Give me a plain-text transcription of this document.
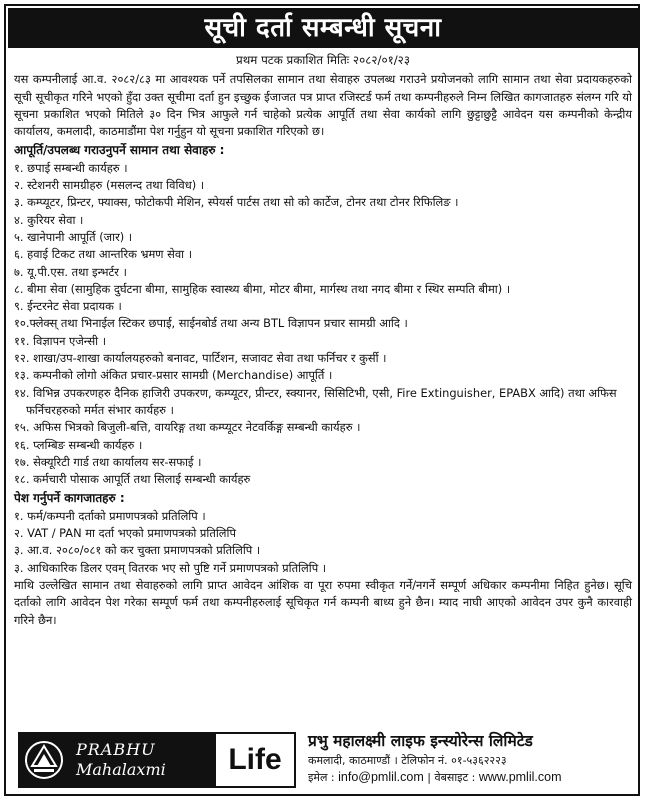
सूची दर्ता सम्बन्धी सूचना
प्रथम पटक प्रकाशित मितिः २०८२/०१/२३
यस कम्पनीलाई आ.व. २०८२/८३ मा आवश्यक पर्ने तपसिलका सामान तथा सेवाहरु उपलब्ध गराउने प्रयोजनको लागि सामान तथा सेवा प्रदायकहरुको सूची सूचीकृत गरिने भएको हुँदा उक्त सूचीमा दर्ता हुन इच्छुक ईजाजत पत्र प्राप्त रजिस्टर्ड फर्म तथा कम्पनीहरुले निम्न लिखित कागजातहरु संलग्न गरि यो सूचना प्रकाशित भएको मितिले ३० दिन भित्र आफुले गर्न चाहेको प्रत्येक आपूर्ति तथा सेवा कार्यको लागि छुट्टाछुट्टै आवेदन यस कम्पनीको केन्द्रीय कार्यालय, कमलादी, काठमाडौंमा पेश गर्नुहुन यो सूचना प्रकाशित गरिएको छ।
आपूर्ति/उपलब्ध गराउनुपर्ने सामान तथा सेवाहरु :
१. छपाई सम्बन्धी कार्यहरु ।
२. स्टेशनरी सामग्रीहरु (मसलन्द तथा विविध) ।
३. कम्प्यूटर, प्रिन्टर, फ्याक्स, फोटोकपी मेशिन, स्पेयर्स पार्टस तथा सो को कार्टेज, टोनर तथा टोनर रिफिलिङ ।
४. कुरियर सेवा ।
५. खानेपानी आपूर्ति (जार) ।
६. हवाई टिकट तथा आन्तरिक भ्रमण सेवा ।
७. यू.पी.एस. तथा इन्भर्टर ।
८. बीमा सेवा (सामुहिक दुर्घटना बीमा, सामुहिक स्वास्थ्य बीमा, मोटर बीमा, मार्गस्थ तथा नगद बीमा र स्थिर सम्पति बीमा) ।
९. ईन्टरनेट सेवा प्रदायक ।
१०.फ्लेक्स् तथा भिनाईल स्टिकर छपाई, साईनबोर्ड तथा अन्य BTL विज्ञापन प्रचार सामग्री आदि ।
११. विज्ञापन एजेन्सी ।
१२. शाखा/उप-शाखा कार्यालयहरुको बनावट, पार्टिशन, सजावट सेवा तथा फर्निचर र कुर्सी ।
१३. कम्पनीको लोगो अंकित प्रचार-प्रसार सामग्री (Merchandise) आपूर्ति ।
१४. विभिन्न उपकरणहरु दैनिक हाजिरी उपकरण, कम्प्यूटर, प्रीन्टर, स्क्यानर, सिसिटिभी, एसी, Fire Extinguisher, EPABX आदि) तथा अफिस फर्निचरहरुको मर्मत संभार कार्यहरु ।
१५. अफिस भित्रको बिजुली-बत्ति, वायरिङ्ग तथा कम्प्यूटर नेटवर्किङ्ग सम्बन्धी कार्यहरु ।
१६. प्लम्बिङ सम्बन्धी कार्यहरु ।
१७. सेक्यूरिटी गार्ड तथा कार्यालय सर-सफाई ।
१८. कर्मचारी पोसाक आपूर्ति तथा सिलाई सम्बन्धी कार्यहरु
पेश गर्नुपर्ने कागजातहरु :
१. फर्म/कम्पनी दर्ताको प्रमाणपत्रको प्रतिलिपि ।
२. VAT / PAN मा दर्ता भएको प्रमाणपत्रको प्रतिलिपि
३. आ.व. २०८०/०८१ को कर चुक्ता प्रमाणपत्रको प्रतिलिपि ।
३. आधिकारिक डिलर एवम् वितरक भए सो पुष्टि गर्ने प्रमाणपत्रको प्रतिलिपि ।
माथि उल्लेखित सामान तथा सेवाहरुको लागि प्राप्त आवेदन आंशिक वा पूरा रुपमा स्वीकृत गर्ने/नगर्ने सम्पूर्ण अधिकार कम्पनीमा निहित हुनेछ। सूचि दर्ताको लागि आवेदन पेश गरेका सम्पूर्ण फर्म तथा कम्पनीहरुलाई सूचिकृत गर्न कम्पनी बाध्य हुने छैन। म्याद नाघी आएको आवेदन उपर कुनै कारवाही गरिने छैन।
PRABHU
Mahalaxmi	Life
प्रभु महालक्ष्मी लाइफ इन्स्योरेन्स लिमिटेड
कमलादी, काठमाण्डौं । टेलिफोन नं. ०१-५३६२२२३
इमेल : info@pmlil.com | वेबसाइट : www.pmlil.com
